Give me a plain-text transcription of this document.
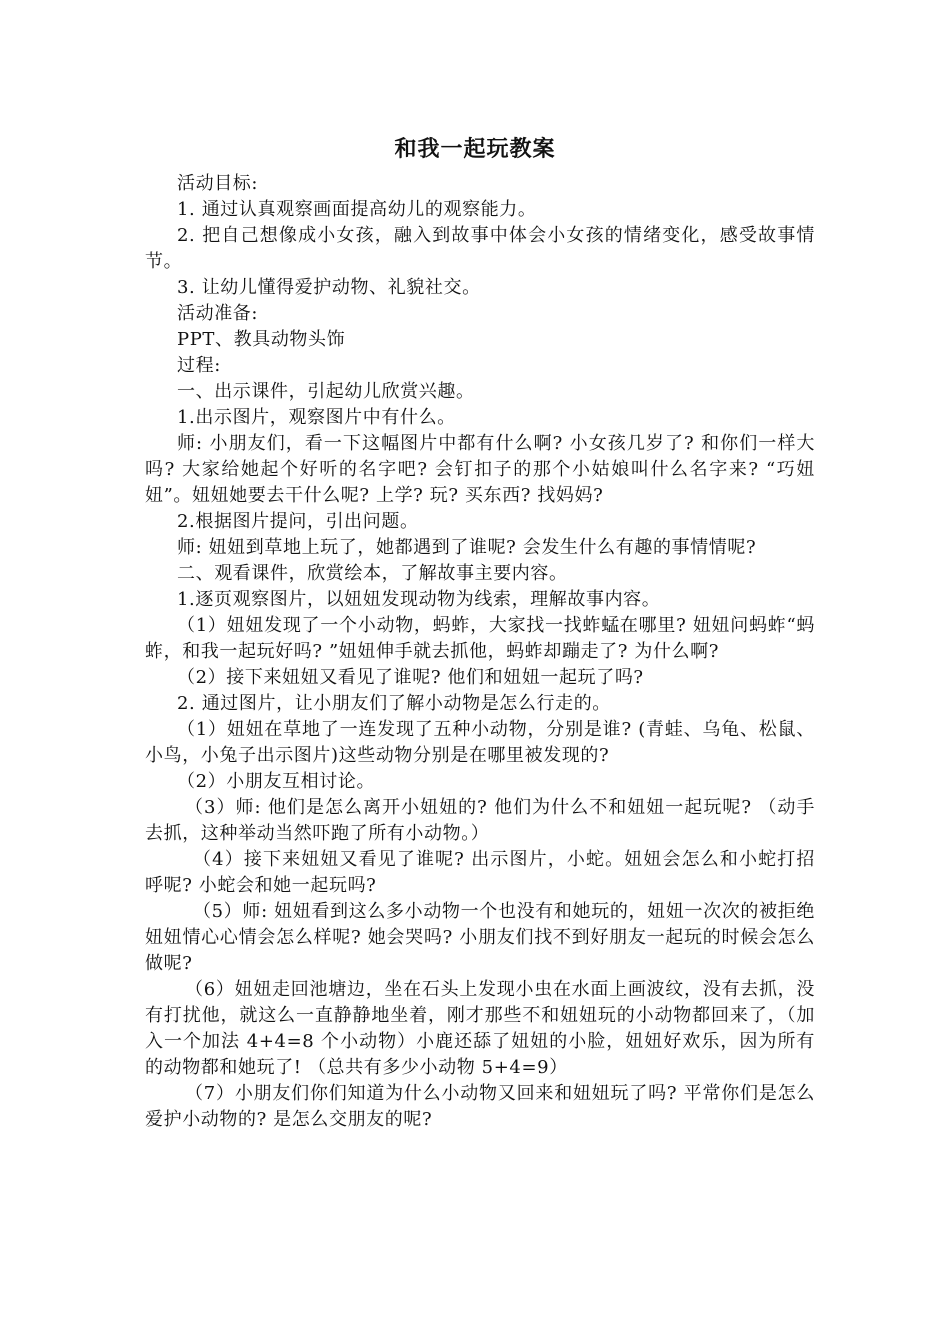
和我一起玩教案

活动目标:

1. 通过认真观察画面提高幼儿的观察能力。

2. 把自己想像成小女孩，融入到故事中体会小女孩的情绪变化，感受故事情节。

3. 让幼儿懂得爱护动物、礼貌社交。

活动准备:

PPT、教具动物头饰

过程:

一、出示课件，引起幼儿欣赏兴趣。

1.出示图片，观察图片中有什么。

师: 小朋友们，看一下这幅图片中都有什么啊? 小女孩几岁了? 和你们一样大吗? 大家给她起个好听的名字吧? 会钉扣子的那个小姑娘叫什么名字来? “巧妞妞”。妞妞她要去干什么呢? 上学? 玩? 买东西? 找妈妈?

2.根据图片提问，引出问题。

师: 妞妞到草地上玩了，她都遇到了谁呢? 会发生什么有趣的事情情呢?

二、观看课件，欣赏绘本，了解故事主要内容。

1.逐页观察图片，以妞妞发现动物为线索，理解故事内容。

（1）妞妞发现了一个小动物，蚂蚱，大家找一找蚱蜢在哪里? 妞妞问蚂蚱“蚂蚱，和我一起玩好吗? ”妞妞伸手就去抓他，蚂蚱却蹦走了? 为什么啊?

（2）接下来妞妞又看见了谁呢? 他们和妞妞一起玩了吗?

2. 通过图片，让小朋友们了解小动物是怎么行走的。

（1）妞妞在草地了一连发现了五种小动物，分别是谁? (青蛙、乌龟、松鼠、小鸟，小兔子出示图片)这些动物分别是在哪里被发现的?

（2）小朋友互相讨论。

（3）师: 他们是怎么离开小妞妞的? 他们为什么不和妞妞一起玩呢? （动手去抓，这种举动当然吓跑了所有小动物。）

（4）接下来妞妞又看见了谁呢? 出示图片，小蛇。妞妞会怎么和小蛇打招呼呢? 小蛇会和她一起玩吗?

（5）师: 妞妞看到这么多小动物一个也没有和她玩的，妞妞一次次的被拒绝妞妞情心心情会怎么样呢? 她会哭吗? 小朋友们找不到好朋友一起玩的时候会怎么做呢?

（6）妞妞走回池塘边，坐在石头上发现小虫在水面上画波纹，没有去抓，没有打扰他，就这么一直静静地坐着，刚才那些不和妞妞玩的小动物都回来了，（加入一个加法 4+4=8 个小动物）小鹿还舔了妞妞的小脸，妞妞好欢乐，因为所有的动物都和她玩了! （总共有多少小动物 5+4=9）

（7）小朋友们你们知道为什么小动物又回来和妞妞玩了吗? 平常你们是怎么爱护小动物的? 是怎么交朋友的呢?
